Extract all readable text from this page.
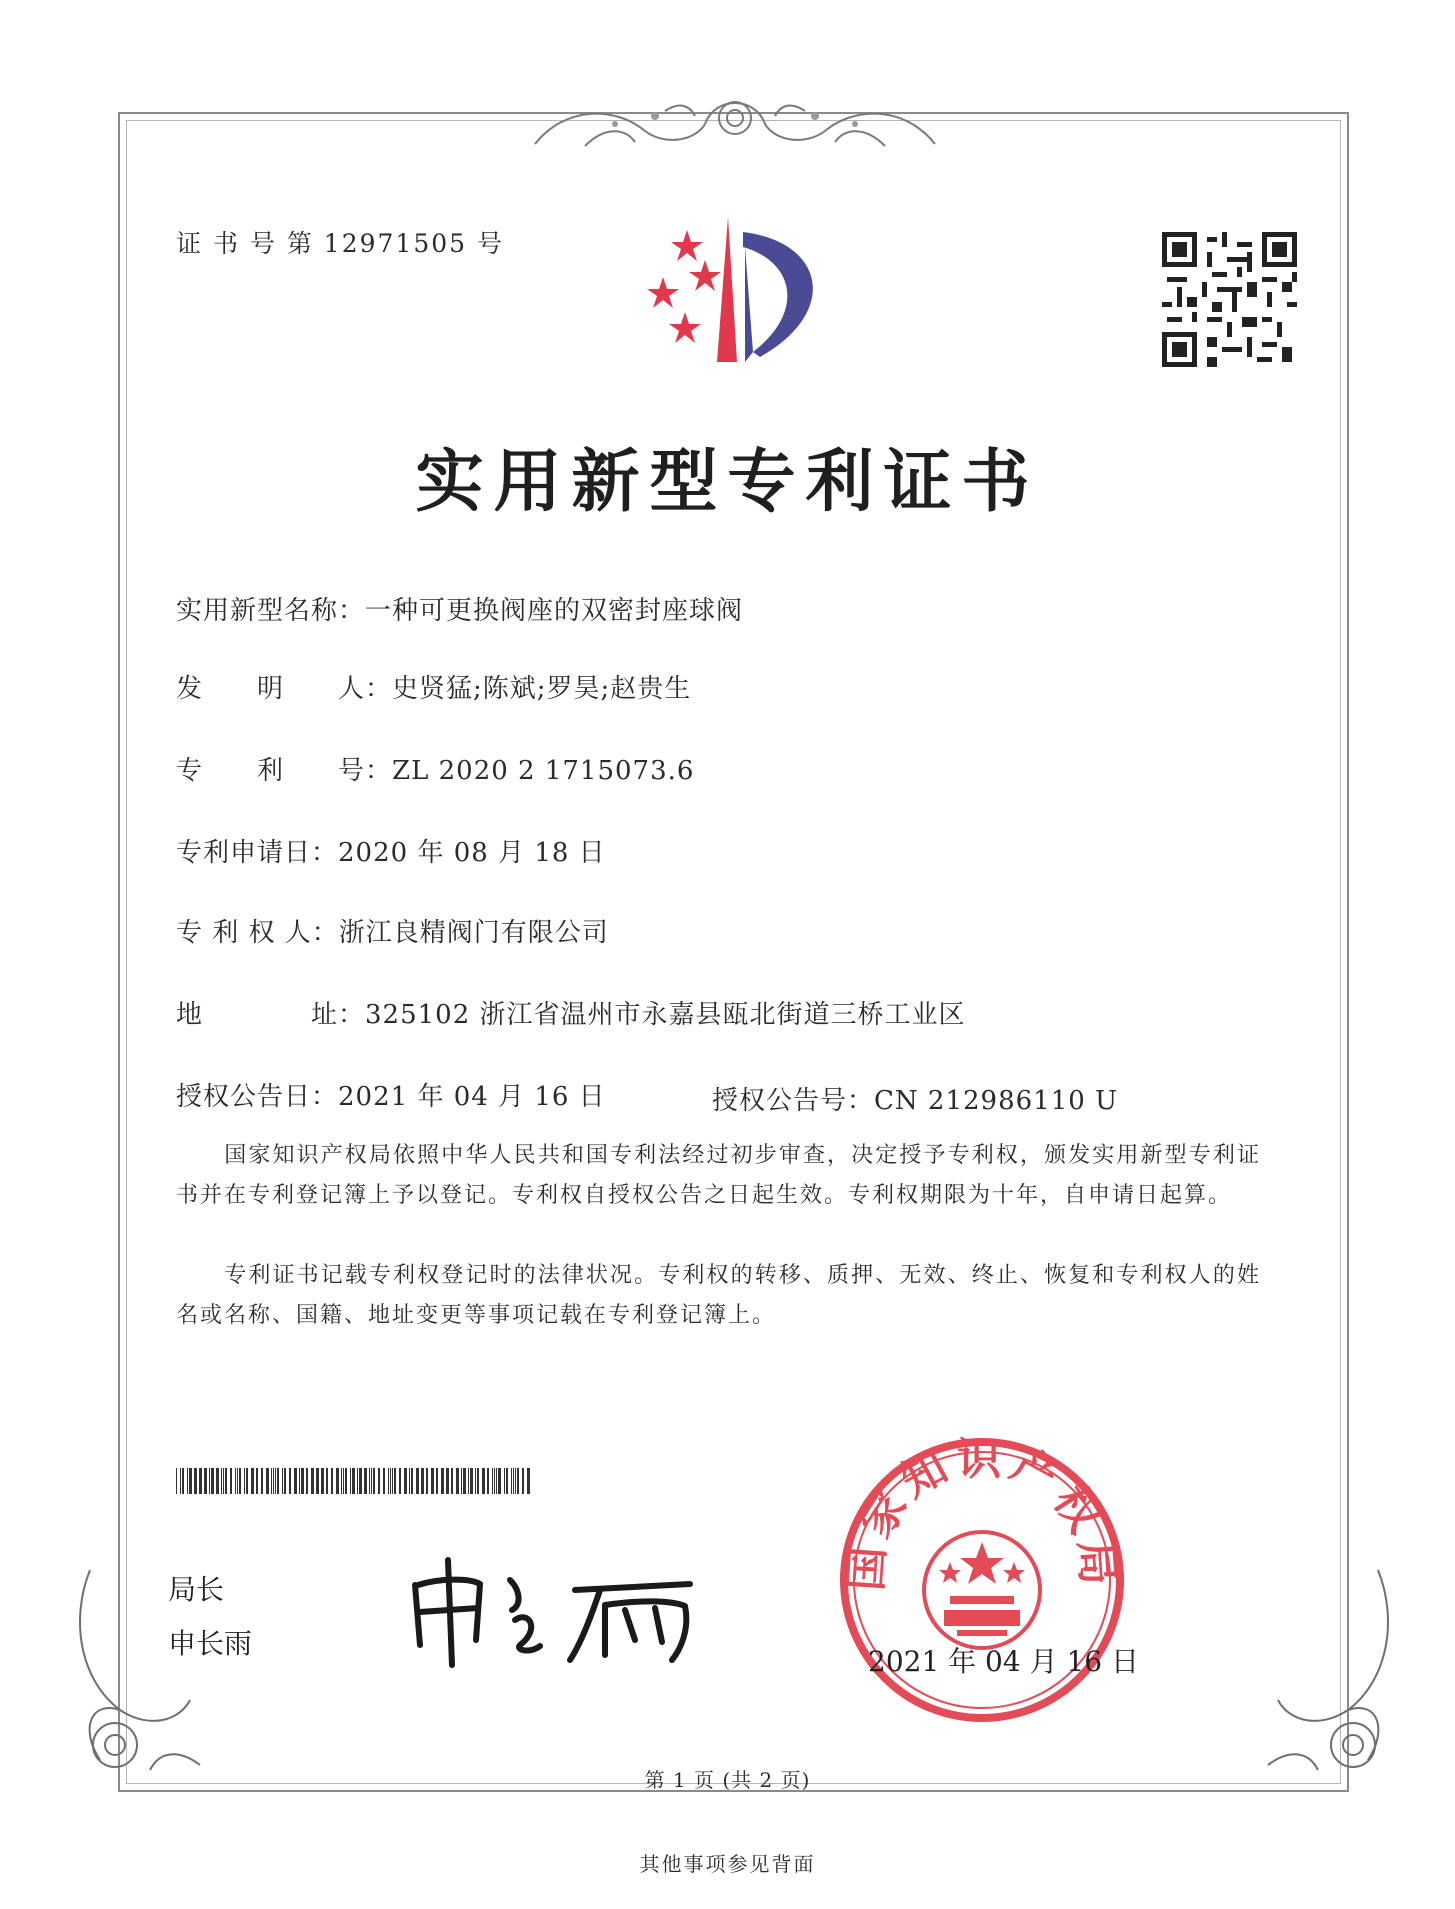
证 书 号 第 12971505 号
实用新型专利证书
实用新型名称：一种可更换阀座的双密封座球阀
发　　明　　人：史贤猛;陈斌;罗昊;赵贵生
专　　利　　号：ZL 2020 2 1715073.6
专利申请日：2020 年 08 月 18 日
专 利 权 人：浙江良精阀门有限公司
地　　　　址：325102 浙江省温州市永嘉县瓯北街道三桥工业区
授权公告日：2021 年 04 月 16 日	授权公告号：CN 212986110 U
　　国家知识产权局依照中华人民共和国专利法经过初步审查，决定授予专利权，颁发实用新型专利证书并在专利登记簿上予以登记。专利权自授权公告之日起生效。专利权期限为十年，自申请日起算。
　　专利证书记载专利权登记时的法律状况。专利权的转移、质押、无效、终止、恢复和专利权人的姓名或名称、国籍、地址变更等事项记载在专利登记簿上。
局长
申长雨
国家知识产权局
2021 年 04 月 16 日
第 1 页 (共 2 页)
其他事项参见背面
